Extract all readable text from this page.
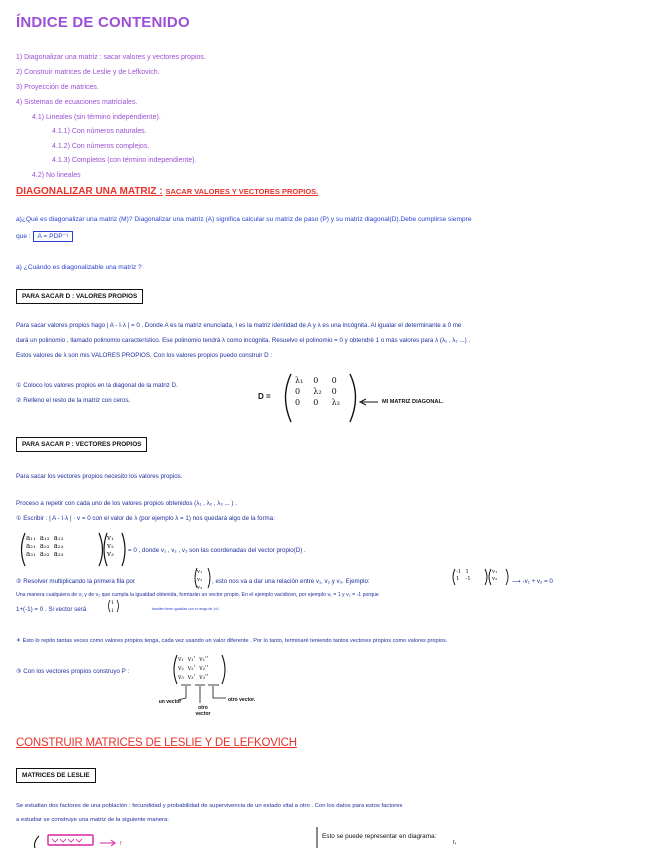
ÍNDICE DE CONTENIDO
1) Diagonalizar una matriz : sacar valores y vectores propios.
2) Construir matrices de Leslie y de Lefkovich.
3) Proyección de matrices.
4) Sistemas de ecuaciones matriciales.
4.1) Lineales (sin término independiente).
4.1.1) Con números naturales.
4.1.2) Con números complejos.
4.1.3) Completos (con término independiente).
4.2) No lineales
DIAGONALIZAR UNA MATRIZ : SACAR VALORES Y VECTORES PROPIOS.
a)¿Qué es diagonalizar una matriz (M)? Diagonalizar una matriz (A) significa calcular su matriz de paso (P) y su matriz diagonal(D).Debe cumplirse siempre
que : A = PDP⁻¹
a) ¿Cuándo es diagonalizable una matriz ?
PARA SACAR D : VALORES PROPIOS
Para sacar valores propios hago | A - I·λ | = 0 . Donde A es la matriz enunciada, I es la matriz identidad de A y λ es una incógnita. Al igualar el determinante a 0 me
dará un polinomio , llamado polinomio característico. Ese polinomio tendrá λ como incógnita. Resuelvo el polinomio = 0 y obtendré 1 o más valores para λ (λ₁ , λ₂ ...) .
Estos valores de λ son mis VALORES PROPIOS. Con los valores propios puedo construir D :
① Coloco los valores propios en la diagonal de la matriz D.
② Relleno el resto de la matriz con ceros.	D =
λ₁	0	0
0	λ₂	0
0	0	λ₃	MI MATRIZ DIAGONAL.
PARA SACAR P : VECTORES PROPIOS
Para sacar los vectores propios necesito los valores propios.
Proceso a repetir con cada uno de los valores propios obtenidos (λ₁ , λ₂ , λ₃ ... ) .
① Escribir : | A - I·λ | · v = 0 con el valor de λ (por ejemplo λ = 1) nos quedará algo de la forma:
a₁₁	a₁₂	a₁₃
a₂₁	a₂₂	a₂₃
a₃₁	a₃₂	a₃₃
v₁
v₂
v₃ = 0 , donde v₁ , v₂ , v₃ son las coordenadas del vector propio(D) .
② Resolver multiplicando la primera fila por
v₁
v₂
v₃
, esto nos va a dar una relación entre v₁, v₂ y v₃. Ejemplo:
-1	1
1	-1
v₁
v₂ ⟶ -v₁ + v₂ = 0
Una manera cualquiera de v₁ y de v₂ que cumpla la igualdad obtenida, formarán un vector propio. En el ejemplo vacidicen, por ejemplo v₁ = 1 y v₂ = -1 porque
1+(-1) = 0 . Si vector será
1
1	también tiene igualdad con el rango de 1x1
☀ Esto lo repito tantas veces como valores propios tenga, cada vez usando un valor diferente . Por lo tanto, terminaré teniendo tantos vectores propios como valores propios.
③ Con los vectores propios construyo P :
v₁	v₁'	v₁''
v₂	v₂'	v₂''
v₃	v₃'	v₃''
un vector
otro vector
otro vector.
CONSTRUIR MATRICES DE LESLIE Y DE LEFKOVICH
MATRICES DE LESLIE
Se estudian dos factores de una población : fecundidad y probabilidad de supervivencia de un estado vital a otro . Con los datos para estos factores
a estudiar se construye una matriz de la siguiente manera:
Esto se puede representar en diagrama:
f₄
f
